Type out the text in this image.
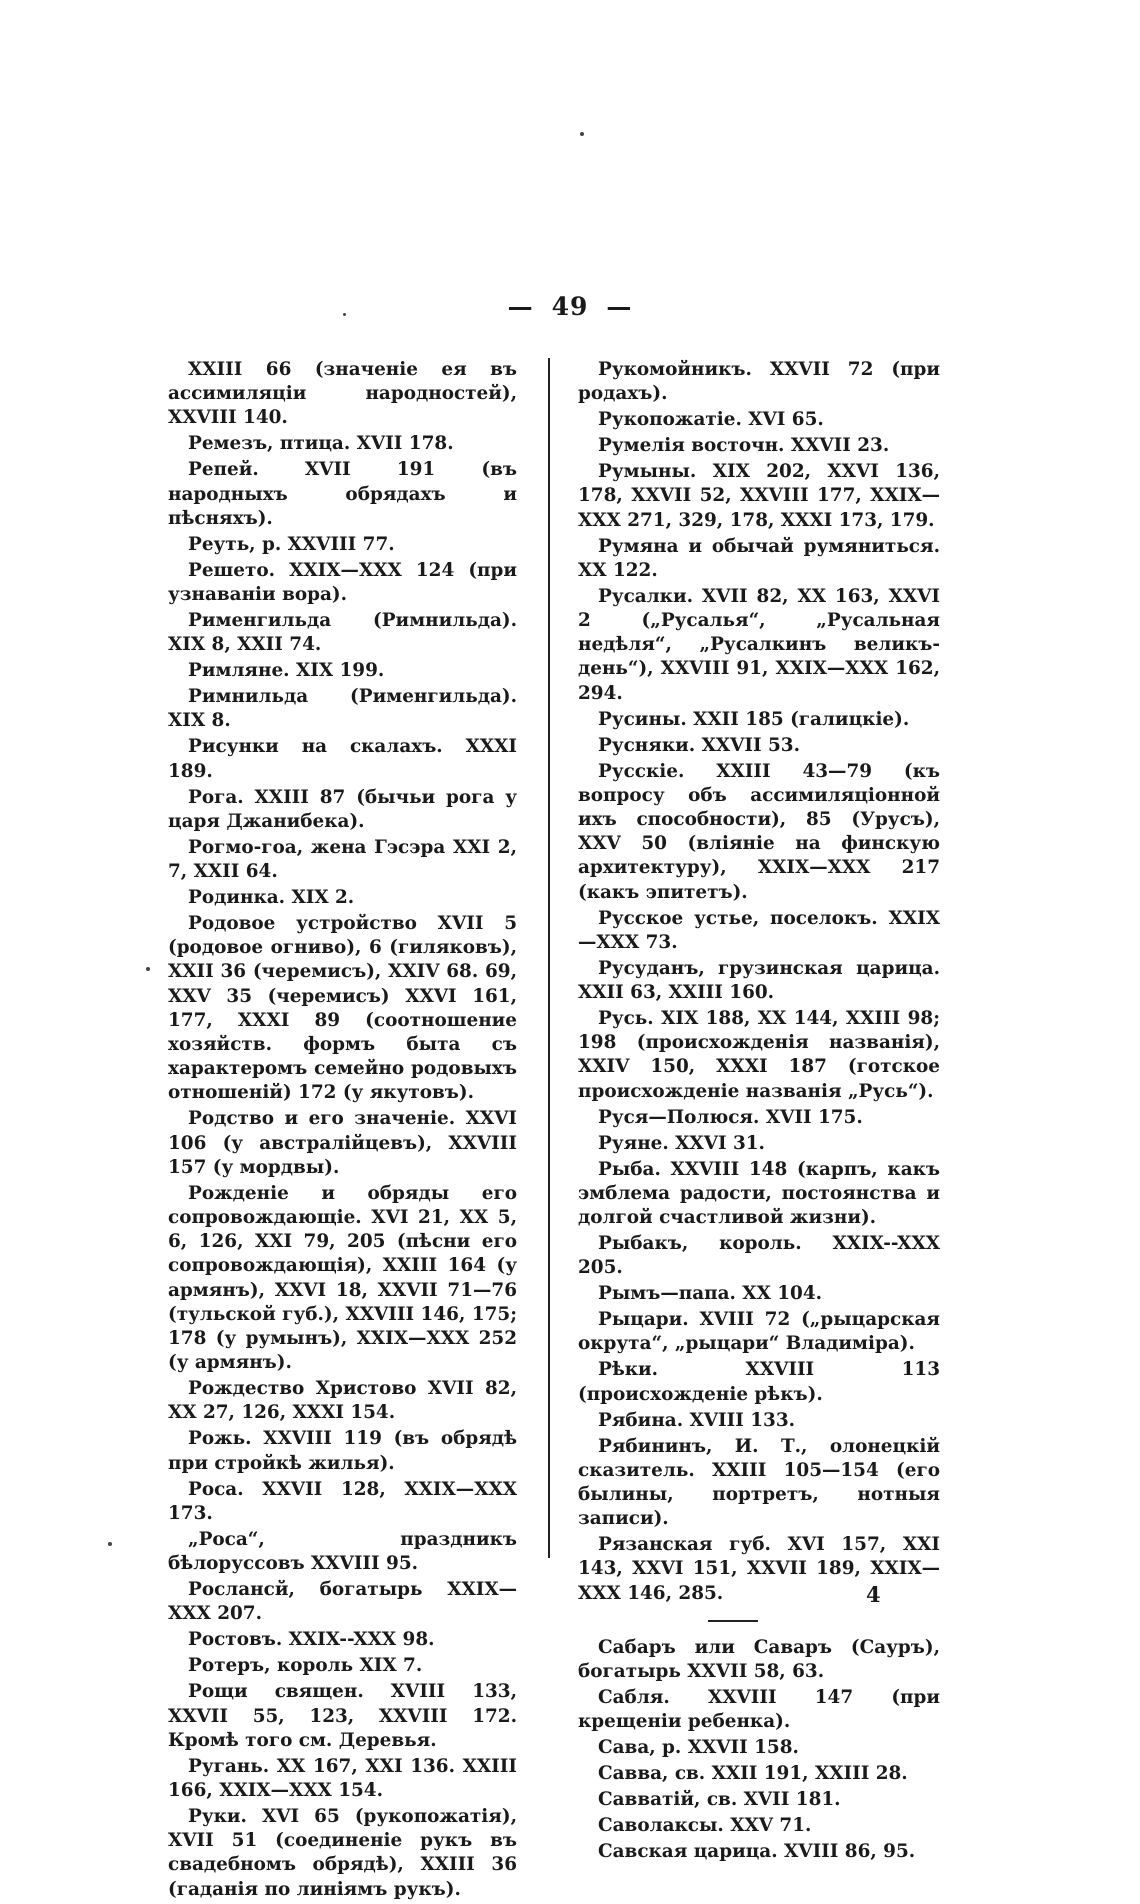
— 49 —

XXIII 66 (значеніе ея въ ассимиляціи народностей), XXVIII 140.

Ремезъ, птица. XVII 178.

Репей. XVII 191 (въ народныхъ обрядахъ и пѣсняхъ).

Реуть, р. XXVIII 77.

Решето. XXIX—XXX 124 (при узнаваніи вора).

Рименгильда (Римнильда). XIX 8, XXII 74.

Римляне. XIX 199.

Римнильда (Рименгильда). XIX 8.

Рисунки на скалахъ. XXXI 189.

Рога. XXIII 87 (бычьи рога у царя Джанибека).

Рогмо-гоа, жена Гэсэра XXI 2, 7, XXII 64.

Родинка. XIX 2.

Родовое устройство XVII 5 (родовое огниво), 6 (гиляковъ), XXII 36 (черемисъ), XXIV 68. 69, XXV 35 (черемисъ) XXVI 161, 177, XXXI 89 (соотношение хозяйств. формъ быта съ характеромъ семейно родовыхъ отношеній) 172 (у якутовъ).

Родство и его значеніе. XXVI 106 (у австралійцевъ), XXVIII 157 (у мордвы).

Рожденіе и обряды его сопровождающіе. XVI 21, XX 5, 6, 126, XXI 79, 205 (пѣсни его сопровождающія), XXIII 164 (у армянъ), XXVI 18, XXVII 71—76 (тульской губ.), XXVIII 146, 175; 178 (у румынъ), XXIX—XXX 252 (у армянъ).

Рождество Христово XVII 82, XX 27, 126, XXXI 154.

Рожь. XXVIII 119 (въ обрядѣ при стройкѣ жилья).

Роса. XXVII 128, XXIX—XXX 173.

„Роса“, праздникъ бѣлоруссовъ XXVIII 95.

Рослансй, богатырь XXIX—XXX 207.

Ростовъ. XXIX--XXX 98.

Ротеръ, король XIX 7.

Рощи священ. XVIII 133, XXVII 55, 123, XXVIII 172. Кромѣ того см. Деревья.

Ругань. XX 167, XXI 136. XXIII 166, XXIX—XXX 154.

Руки. XVI 65 (рукопожатія), XVII 51 (соединеніе рукъ въ свадебномъ обрядѣ), XXIII 36 (гаданія по линіямъ рукъ).

Рукомойникъ. XXVII 72 (при родахъ).

Рукопожатіе. XVI 65.

Румелія восточн. XXVII 23.

Румыны. XIX 202, XXVI 136, 178, XXVII 52, XXVIII 177, XXIX—XXX 271, 329, 178, XXXI 173, 179.

Румяна и обычай румяниться. XX 122.

Русалки. XVII 82, XX 163, XXVI 2 („Русалья“, „Русальная недѣля“, „Русалкинъ великъ-день“), XXVIII 91, XXIX—XXX 162, 294.

Русины. XXII 185 (галицкіе).

Русняки. XXVII 53.

Русскіе. XXIII 43—79 (къ вопросу объ ассимиляціонной ихъ способности), 85 (Урусъ), XXV 50 (вліяніе на финскую архитектуру), XXIX—XXX 217 (какъ эпитетъ).

Русское устье, поселокъ. XXIX—XXX 73.

Русуданъ, грузинская царица. XXII 63, XXIII 160.

Русь. XIX 188, XX 144, XXIII 98; 198 (происхожденія названія), XXIV 150, XXXI 187 (готское происхожденіе названія „Русь“).

Руся—Полюся. XVII 175.

Руяне. XXVI 31.

Рыба. XXVIII 148 (карпъ, какъ эмблема радости, постоянства и долгой счастливой жизни).

Рыбакъ, король. XXIX--XXX 205.

Рымъ—папа. XX 104.

Рыцари. XVIII 72 („рыцарская окрута“, „рыцари“ Владиміра).

Рѣки. XXVIII 113 (происхожденіе рѣкъ).

Рябина. XVIII 133.

Рябининъ, И. Т., олонецкій сказитель. XXIII 105—154 (его былины, портретъ, нотныя записи).

Рязанская губ. XVI 157, XXI 143, XXVI 151, XXVII 189, XXIX—XXX 146, 285.

Сабаръ или Саваръ (Сауръ), богатырь XXVII 58, 63.

Сабля. XXVIII 147 (при крещеніи ребенка).

Сава, р. XXVII 158.

Савва, св. XXII 191, XXIII 28.

Савватій, св. XVII 181.

Саволаксы. XXV 71.

Савская царица. XVIII 86, 95.

4
